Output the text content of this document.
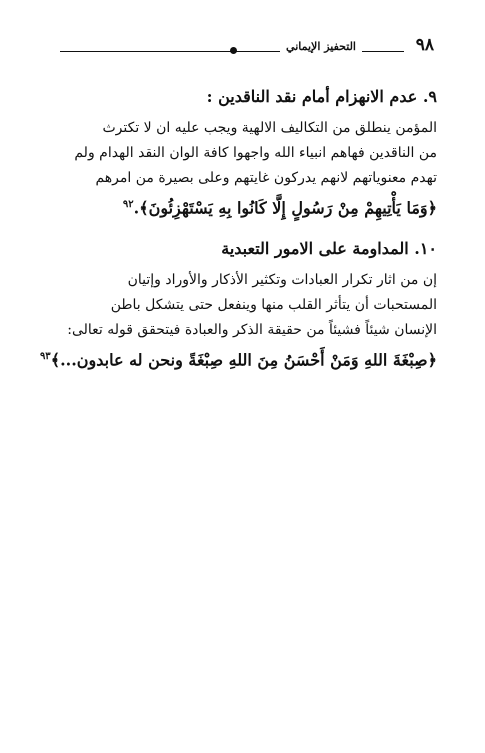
٩٨
التحفيز الإيماني
٩. عدم الانهزام أمام نقد الناقدين :

المؤمن ينطلق من التكاليف الالهية ويجب عليه ان لا تكترث

من الناقدين فهاهم انبياء الله واجهوا كافة الوان النقد الهدام ولم

تهدم معنوياتهم لانهم يدركون غايتهم وعلى بصيرة من امرهم

﴿وَمَا يَأْتِيهِمْ مِنْ رَسُولٍ إِلَّا كَانُوا بِهِ يَسْتَهْزِئُونَ﴾.$^{٩٢}$

١٠. المداومة على الامور التعبدية

إن من اثار تكرار العبادات وتكثير الأذكار والأوراد وإتيان

المستحبات أن يتأثر القلب منها وينفعل حتى يتشكل باطن

الإنسان شيئاً فشيئاً من حقيقة الذكر والعبادة فيتحقق قوله تعالى:

﴿صِبْغَةَ اللهِ وَمَنْ أَحْسَنُ مِنَ اللهِ صِبْغَةً ونحن له عابدون...﴾$^{٩٣}$
